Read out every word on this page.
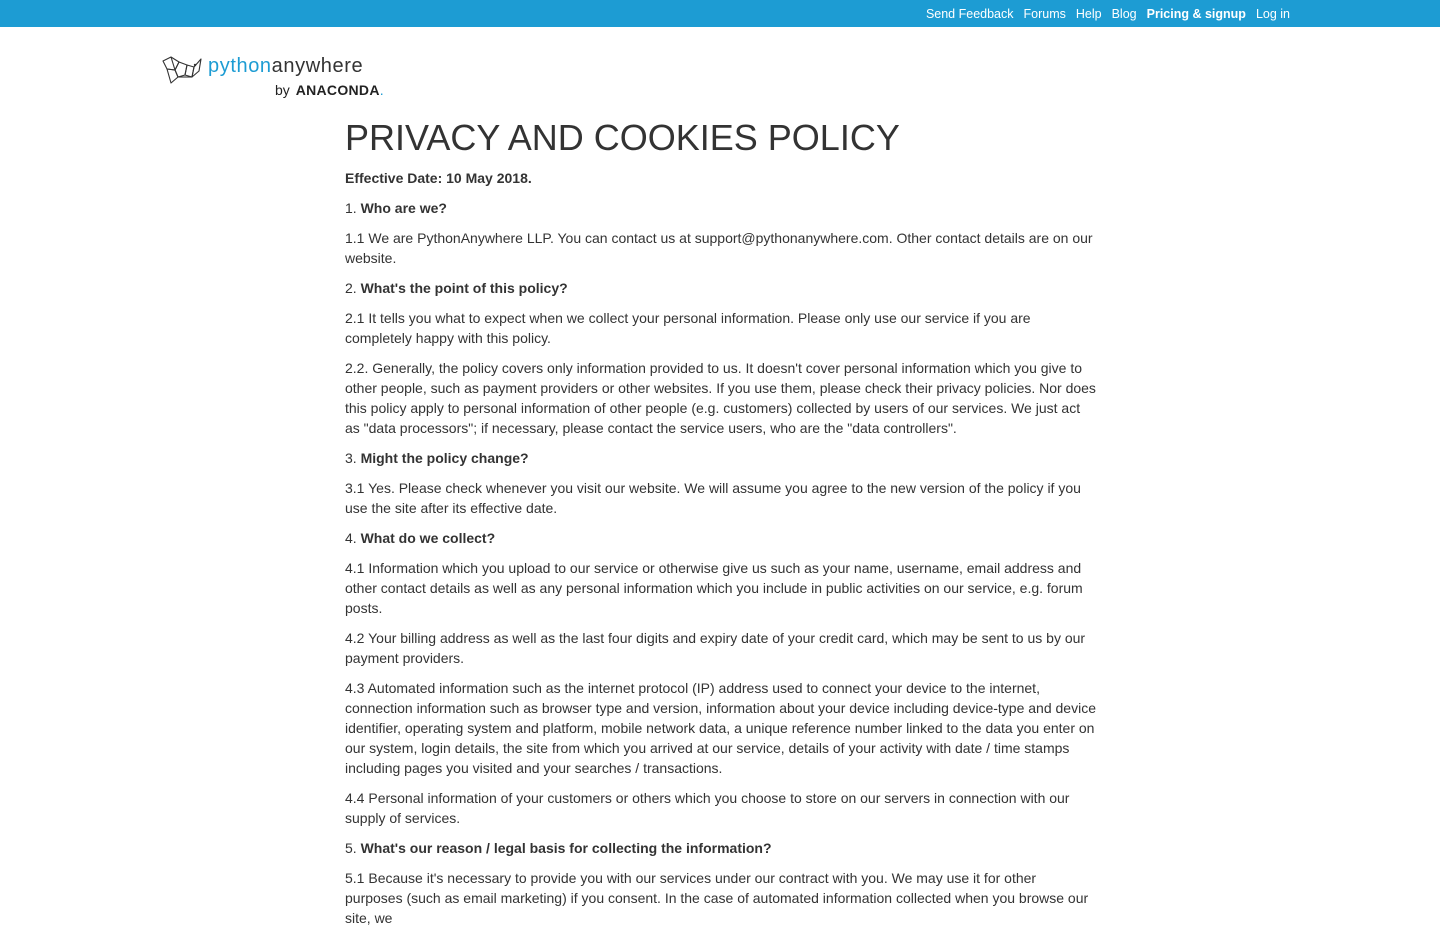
Send Feedback Forums Help Blog Pricing & signup Log in
pythonanywhere
by ANACONDA.
PRIVACY AND COOKIES POLICY

Effective Date: 10 May 2018.

1. Who are we?

1.1 We are PythonAnywhere LLP. You can contact us at support@pythonanywhere.com. Other contact details are on our website.

2. What's the point of this policy?

2.1 It tells you what to expect when we collect your personal information. Please only use our service if you are completely happy with this policy.

2.2. Generally, the policy covers only information provided to us. It doesn't cover personal information which you give to other people, such as payment providers or other websites. If you use them, please check their privacy policies. Nor does this policy apply to personal information of other people (e.g. customers) collected by users of our services. We just act as "data processors"; if necessary, please contact the service users, who are the "data controllers".

3. Might the policy change?

3.1 Yes. Please check whenever you visit our website. We will assume you agree to the new version of the policy if you use the site after its effective date.

4. What do we collect?

4.1 Information which you upload to our service or otherwise give us such as your name, username, email address and other contact details as well as any personal information which you include in public activities on our service, e.g. forum posts.

4.2 Your billing address as well as the last four digits and expiry date of your credit card, which may be sent to us by our payment providers.

4.3 Automated information such as the internet protocol (IP) address used to connect your device to the internet, connection information such as browser type and version, information about your device including device-type and device identifier, operating system and platform, mobile network data, a unique reference number linked to the data you enter on our system, login details, the site from which you arrived at our service, details of your activity with date / time stamps including pages you visited and your searches / transactions.

4.4 Personal information of your customers or others which you choose to store on our servers in connection with our supply of services.

5. What's our reason / legal basis for collecting the information?

5.1 Because it's necessary to provide you with our services under our contract with you. We may use it for other purposes (such as email marketing) if you consent. In the case of automated information collected when you browse our site, we
